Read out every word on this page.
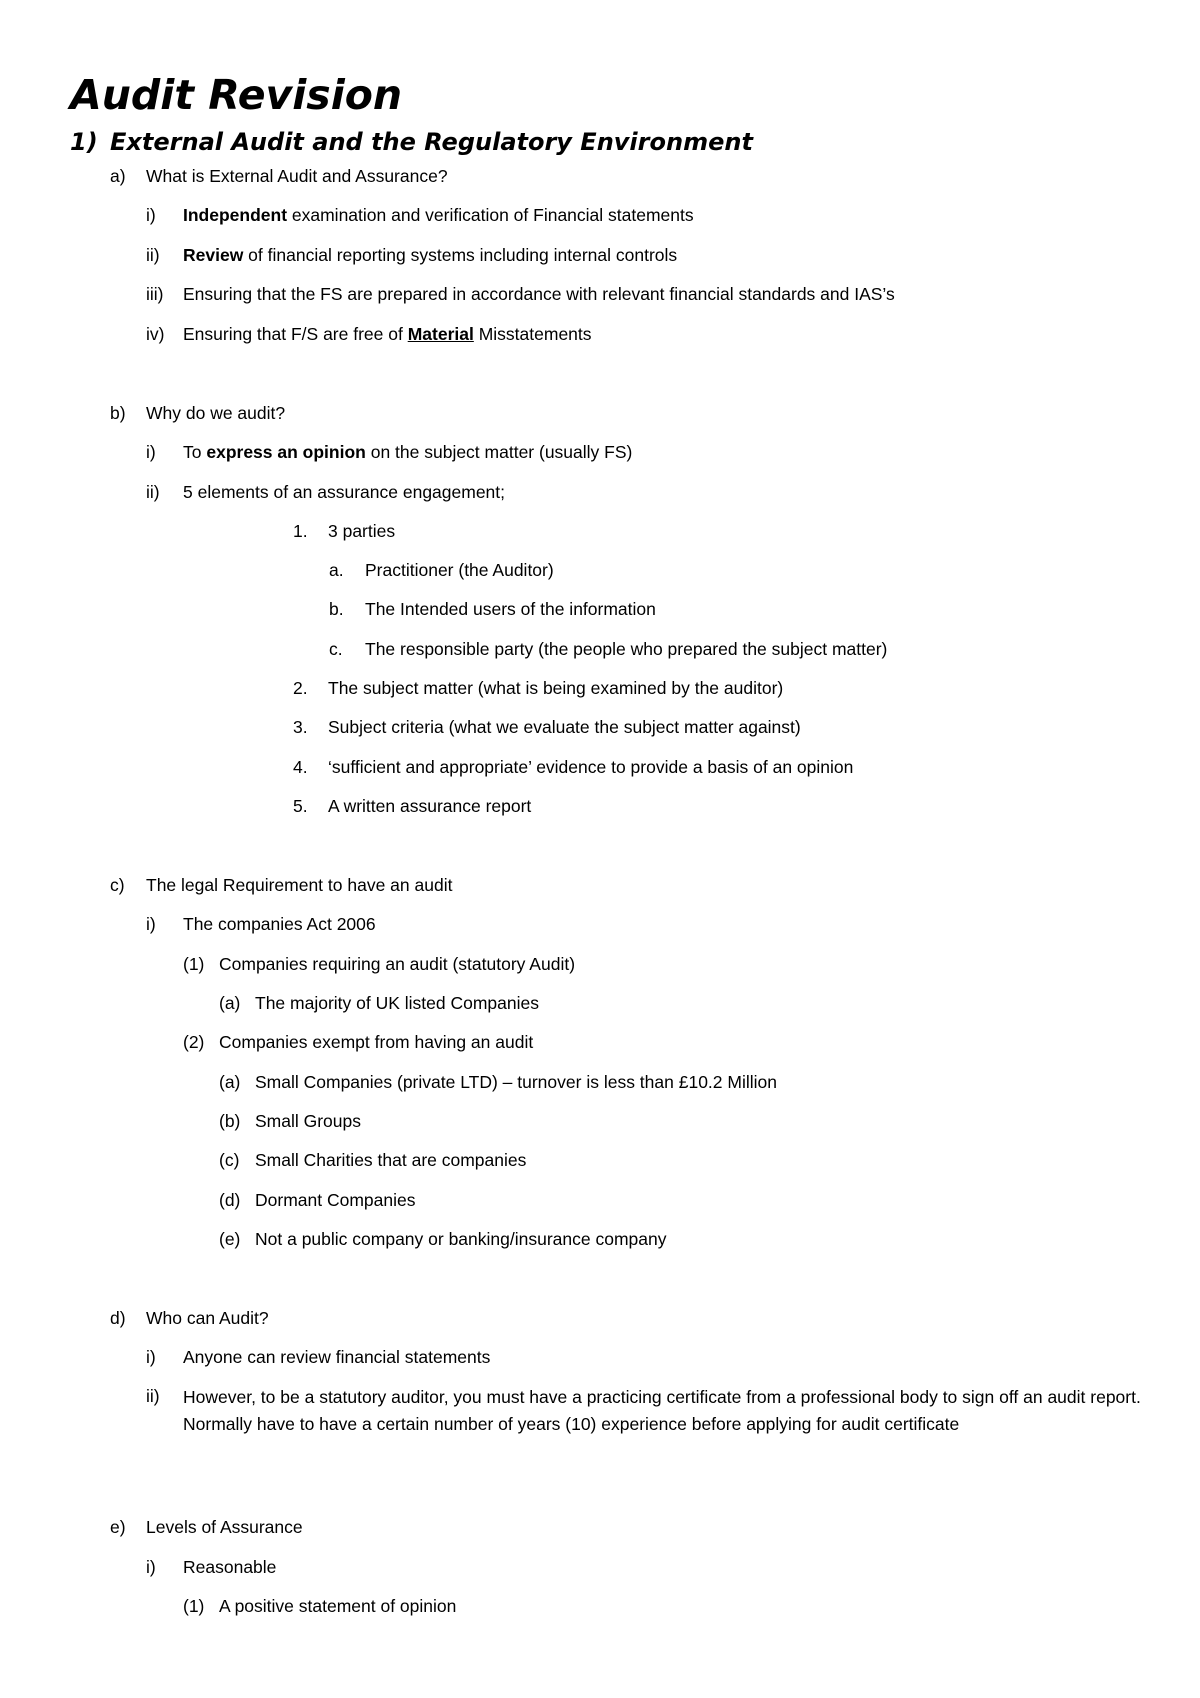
Audit Revision
1) External Audit and the Regulatory Environment
a) What is External Audit and Assurance?
i) Independent examination and verification of Financial statements
ii) Review of financial reporting systems including internal controls
iii) Ensuring that the FS are prepared in accordance with relevant financial standards and IAS’s
iv) Ensuring that F/S are free of Material Misstatements
b) Why do we audit?
i) To express an opinion on the subject matter (usually FS)
ii) 5 elements of an assurance engagement;
1. 3 parties
a. Practitioner (the Auditor)
b. The Intended users of the information
c. The responsible party (the people who prepared the subject matter)
2. The subject matter (what is being examined by the auditor)
3. Subject criteria (what we evaluate the subject matter against)
4. ‘sufficient and appropriate’ evidence to provide a basis of an opinion
5. A written assurance report
c) The legal Requirement to have an audit
i) The companies Act 2006
(1) Companies requiring an audit (statutory Audit)
(a) The majority of UK listed Companies
(2) Companies exempt from having an audit
(a) Small Companies (private LTD) – turnover is less than £10.2 Million
(b) Small Groups
(c) Small Charities that are companies
(d) Dormant Companies
(e) Not a public company or banking/insurance company
d) Who can Audit?
i) Anyone can review financial statements
ii) However, to be a statutory auditor, you must have a practicing certificate from a professional body to sign off an audit report. Normally have to have a certain number of years (10) experience before applying for audit certificate
e) Levels of Assurance
i) Reasonable
(1) A positive statement of opinion
